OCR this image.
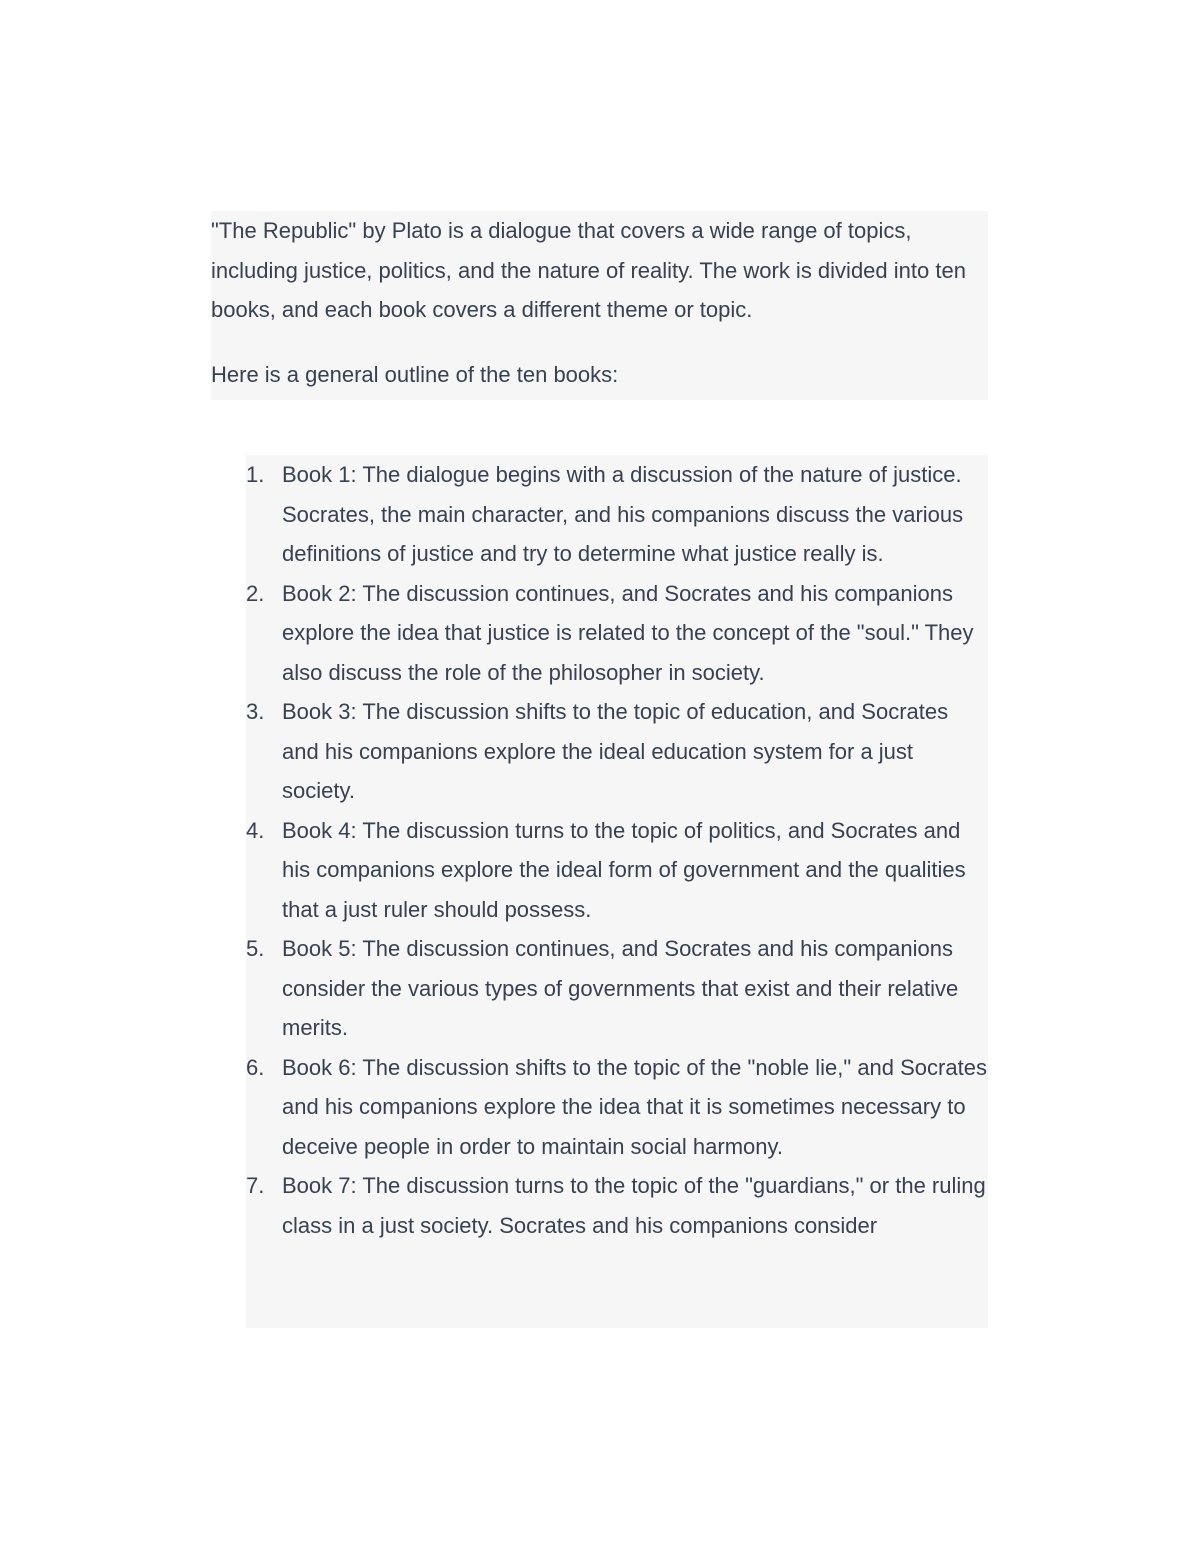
"The Republic" by Plato is a dialogue that covers a wide range of topics, including justice, politics, and the nature of reality. The work is divided into ten books, and each book covers a different theme or topic.

Here is a general outline of the ten books:

1. Book 1: The dialogue begins with a discussion of the nature of justice. Socrates, the main character, and his companions discuss the various definitions of justice and try to determine what justice really is.
2. Book 2: The discussion continues, and Socrates and his companions explore the idea that justice is related to the concept of the "soul." They also discuss the role of the philosopher in society.
3. Book 3: The discussion shifts to the topic of education, and Socrates and his companions explore the ideal education system for a just society.
4. Book 4: The discussion turns to the topic of politics, and Socrates and his companions explore the ideal form of government and the qualities that a just ruler should possess.
5. Book 5: The discussion continues, and Socrates and his companions consider the various types of governments that exist and their relative merits.
6. Book 6: The discussion shifts to the topic of the "noble lie," and Socrates and his companions explore the idea that it is sometimes necessary to deceive people in order to maintain social harmony.
7. Book 7: The discussion turns to the topic of the "guardians," or the ruling class in a just society. Socrates and his companions consider
